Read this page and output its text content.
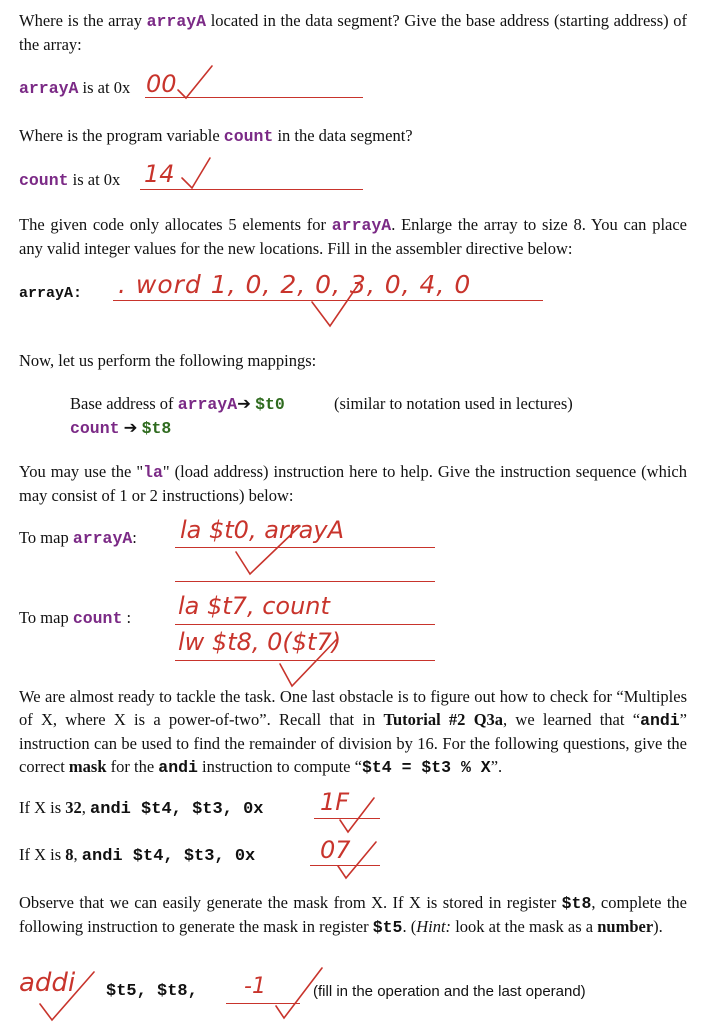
Where is the array arrayA located in the data segment? Give the base address (starting address) of the array:
arrayA is at 0x 00
Where is the program variable count in the data segment?
count is at 0x 14
The given code only allocates 5 elements for arrayA. Enlarge the array to size 8. You can place any valid integer values for the new locations. Fill in the assembler directive below:
arrayA: . word 1, 0, 2, 0, 3, 0, 4, 0
Now, let us perform the following mappings:
Base address of arrayA➔ $t0	(similar to notation used in lectures)
count ➔ $t8
You may use the "la" (load address) instruction here to help. Give the instruction sequence (which may consist of 1 or 2 instructions) below:
To map arrayA: la $t0, arrayA
To map count : la $t7, count
lw $t8, 0($t7)
We are almost ready to tackle the task. One last obstacle is to figure out how to check for “Multiples of X, where X is a power-of-two”. Recall that in Tutorial #2 Q3a, we learned that “andi” instruction can be used to find the remainder of division by 16. For the following questions, give the correct mask for the andi instruction to compute “$t4 = $t3 % X”.
If X is 32, andi $t4, $t3, 0x 1F
If X is 8, andi $t4, $t3, 0x	07
Observe that we can easily generate the mask from X. If X is stored in register $t8, complete the following instruction to generate the mask in register $t5. (Hint: look at the mask as a number).
addi $t5, $t8, -1	(fill in the operation and the last operand)
